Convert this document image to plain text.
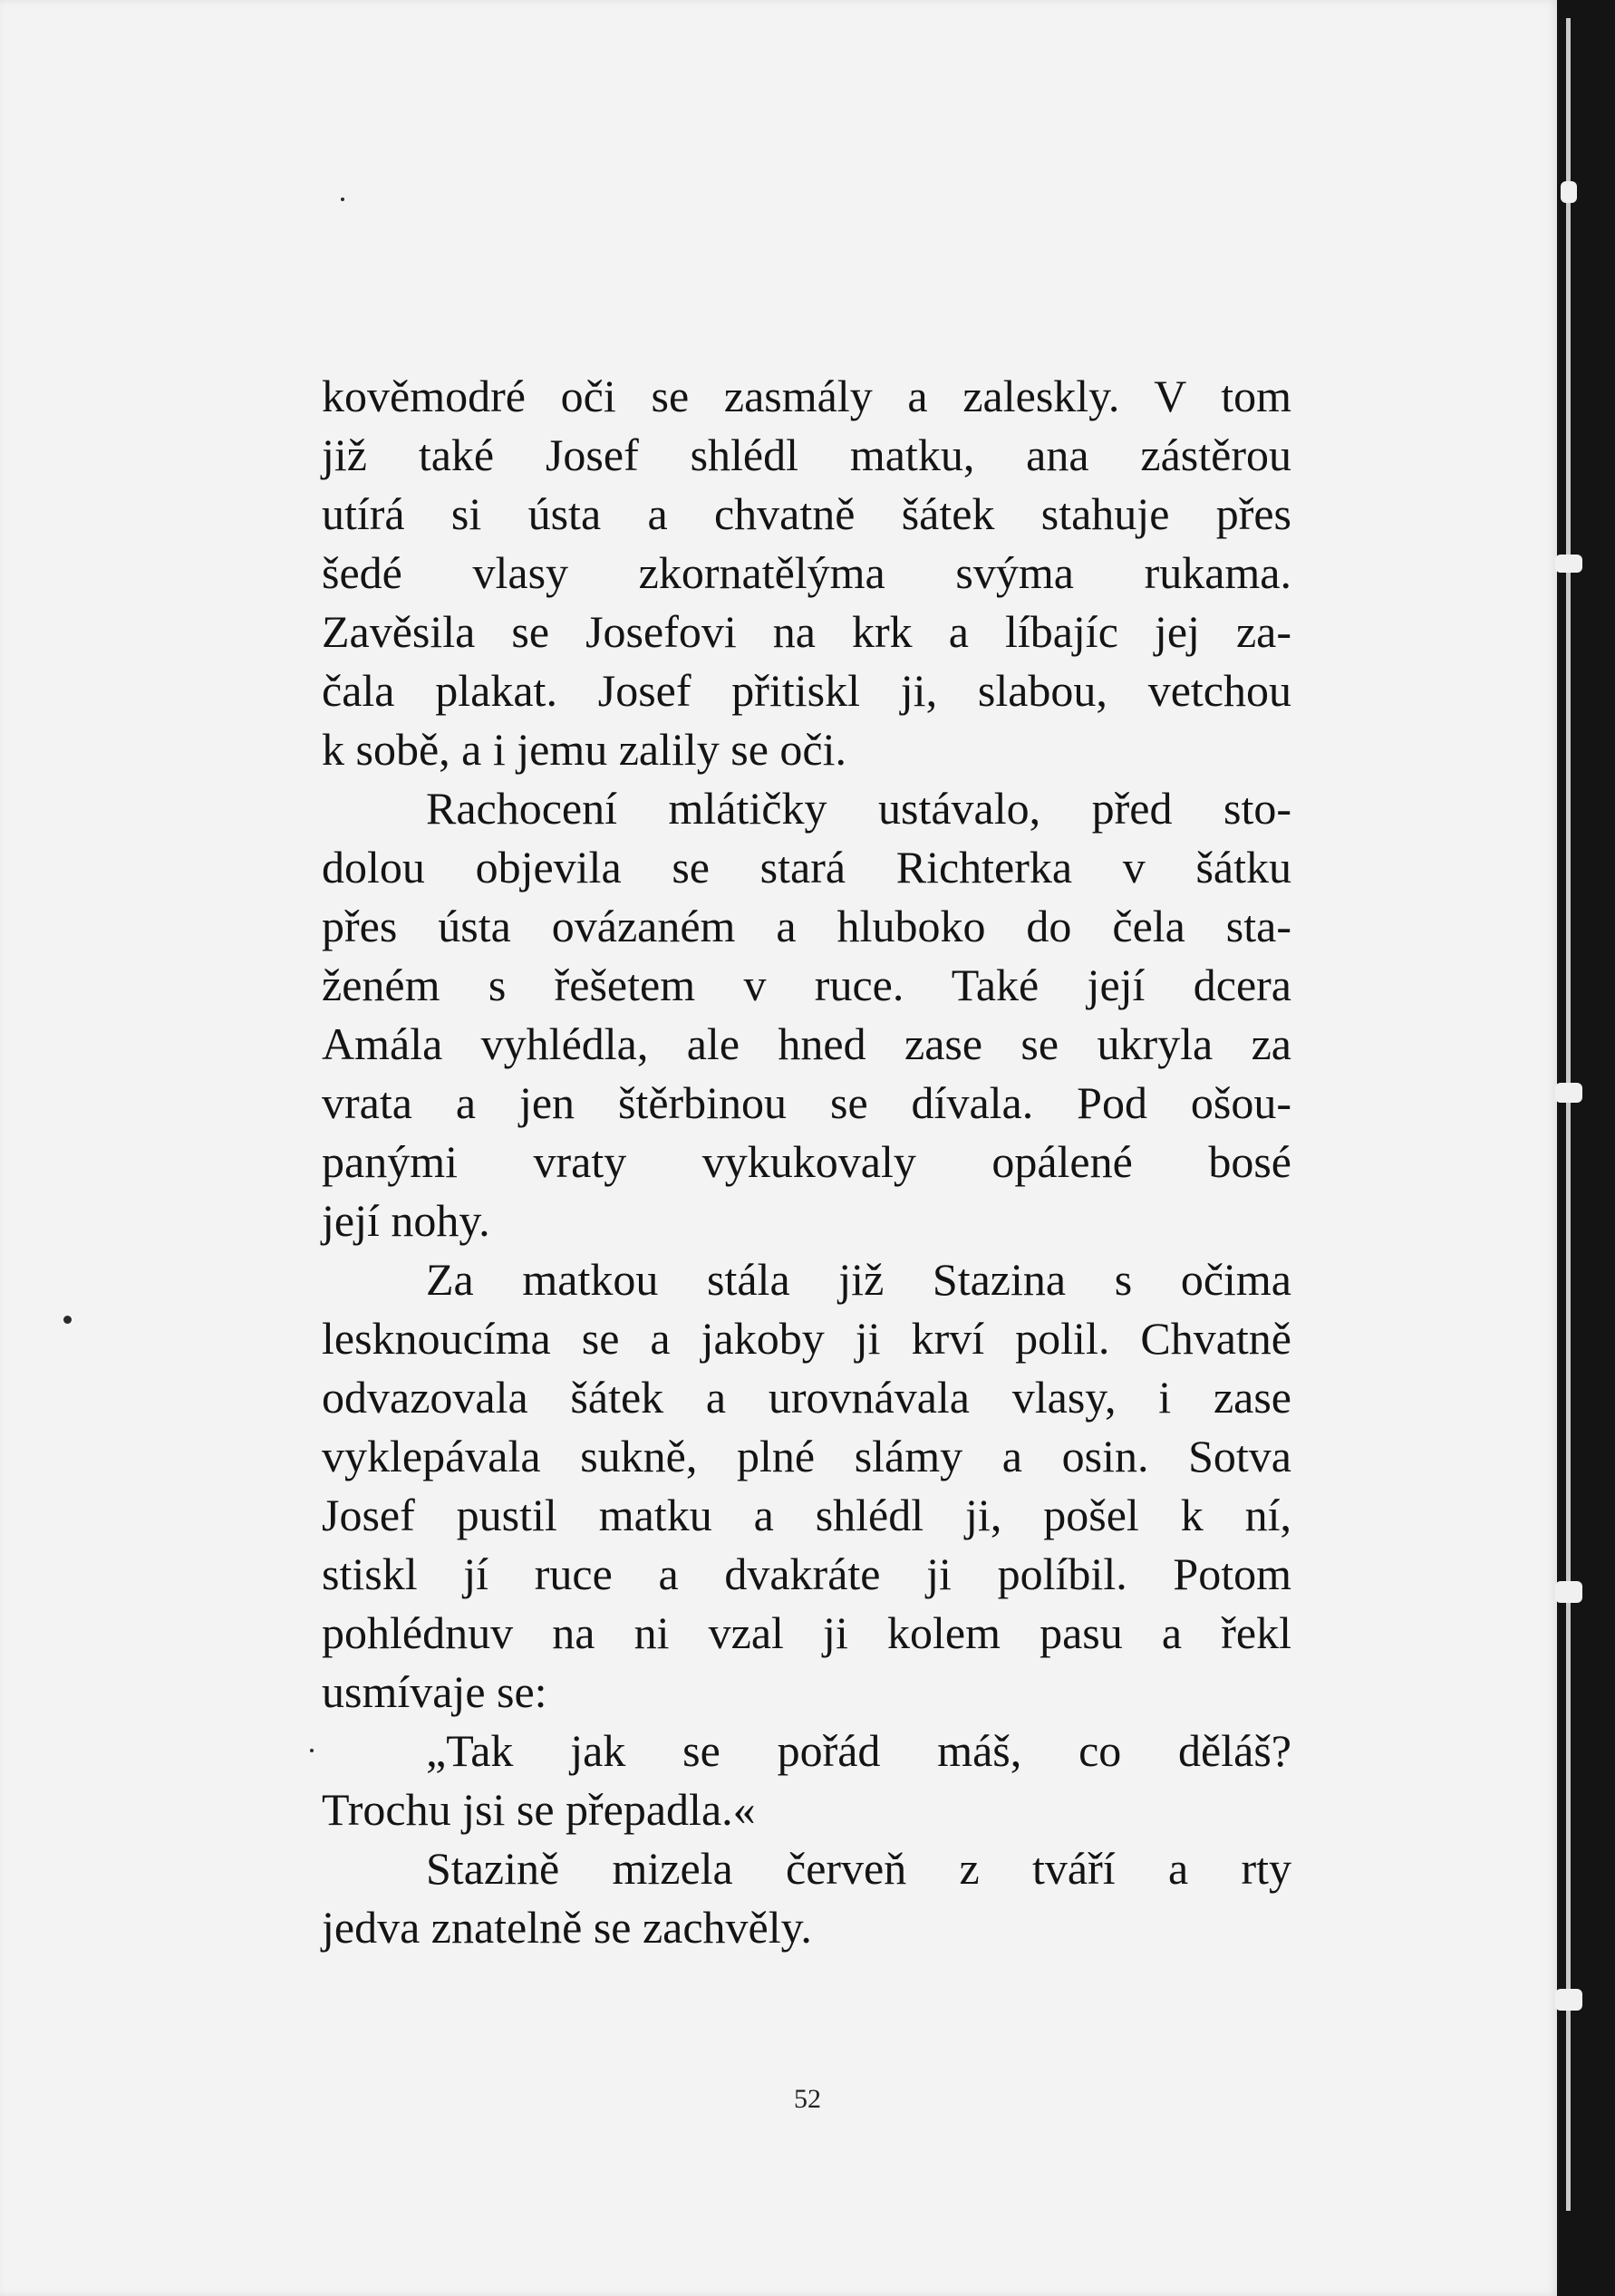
kověmodré oči se zasmály a zaleskly. V tom
již také Josef shlédl matku, ana zástěrou
utírá si ústa a chvatně šátek stahuje přes
šedé vlasy zkornatělýma svýma rukama.
Zavěsila se Josefovi na krk a líbajíc jej za-
čala plakat. Josef přitiskl ji, slabou, vetchou
k sobě, a i jemu zalily se oči.

Rachocení mlátičky ustávalo, před sto-
dolou objevila se stará Richterka v šátku
přes ústa ovázaném a hluboko do čela sta-
ženém s řešetem v ruce. Také její dcera
Amála vyhlédla, ale hned zase se ukryla za
vrata a jen štěrbinou se dívala. Pod ošou-
panými vraty vykukovaly opálené bosé
její nohy.

Za matkou stála již Stazina s očima
lesknoucíma se a jakoby ji krví polil. Chvatně
odvazovala šátek a urovnávala vlasy, i zase
vyklepávala sukně, plné slámy a osin. Sotva
Josef pustil matku a shlédl ji, pošel k ní,
stiskl jí ruce a dvakráte ji políbil. Potom
pohlédnuv na ni vzal ji kolem pasu a řekl
usmívaje se:

„Tak jak se pořád máš, co děláš?
Trochu jsi se přepadla.«

Stazině mizela červeň z tváří a rty
jedva znatelně se zachvěly.

52
